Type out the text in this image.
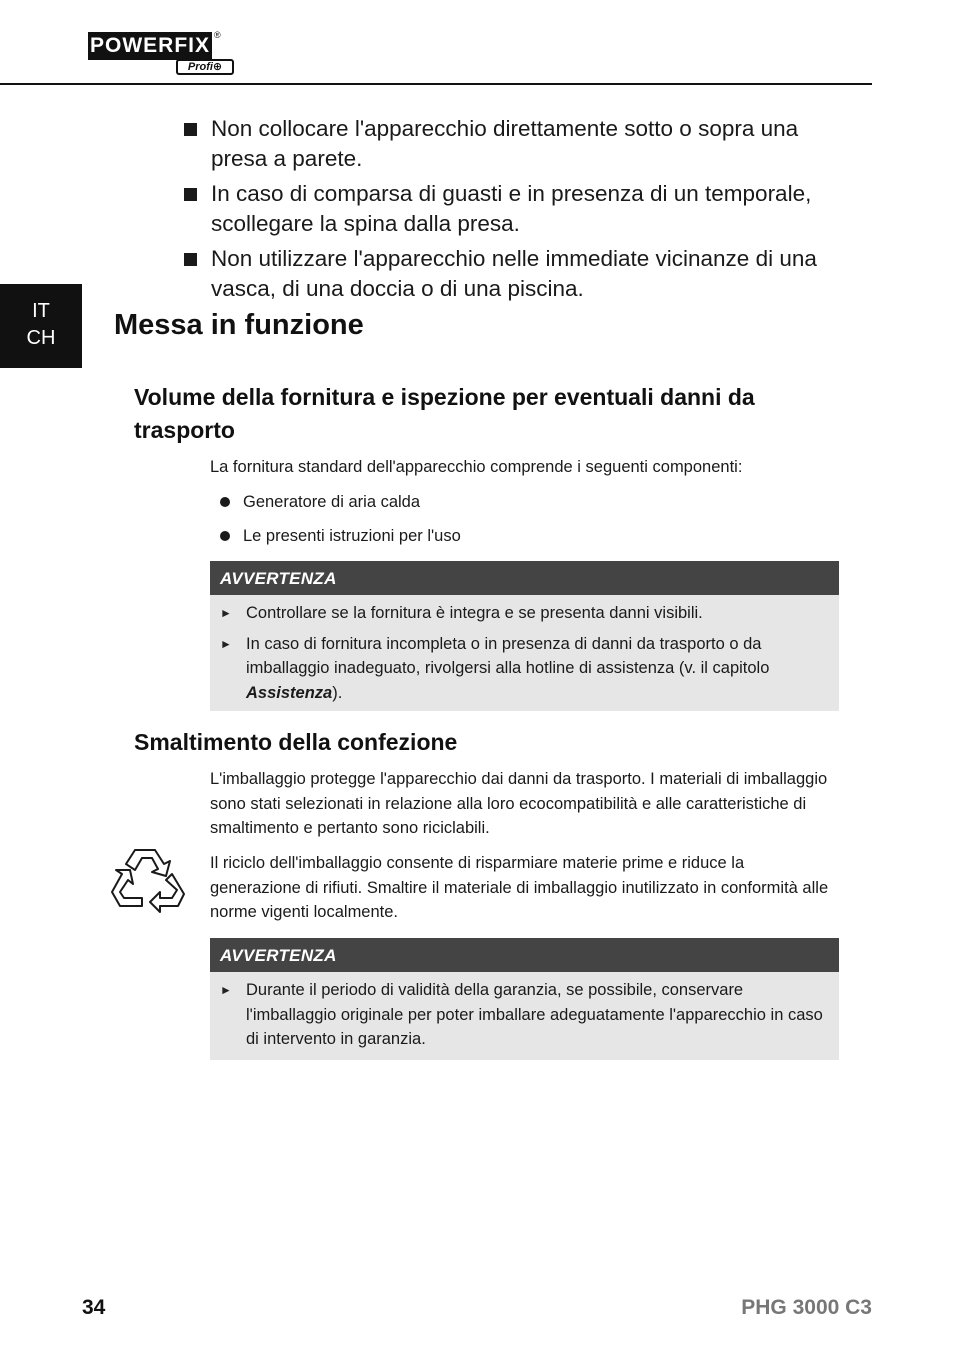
POWERFIX ®
Profi⊕
Non collocare l'apparecchio direttamente sotto o sopra una presa a parete.
In caso di comparsa di guasti e in presenza di un temporale, scollegare la spina dalla presa.
Non utilizzare l'apparecchio nelle immediate vicinanze di una vasca, di una doccia o di una piscina.
IT
CH	Messa in funzione
Volume della fornitura e ispezione per eventuali danni da trasporto

La fornitura standard dell'apparecchio comprende i seguenti componenti:

Generatore di aria calda
Le presenti istruzioni per l'uso
AVVERTENZA
► Controllare se la fornitura è integra e se presenta danni visibili.
► In caso di fornitura incompleta o in presenza di danni da trasporto o da imballaggio inadeguato, rivolgersi alla hotline di assistenza (v. il capitolo Assistenza).
Smaltimento della confezione

L'imballaggio protegge l'apparecchio dai danni da trasporto. I materiali di imballaggio sono stati selezionati in relazione alla loro ecocompatibilità e alle caratteristiche di smaltimento e pertanto sono riciclabili.

Il riciclo dell'imballaggio consente di risparmiare materie prime e riduce la generazione di rifiuti. Smaltire il materiale di imballaggio inutilizzato in conformità alle norme vigenti localmente.

AVVERTENZA
► Durante il periodo di validità della garanzia, se possibile, conservare l'imballaggio originale per poter imballare adeguatamente l'apparecchio in caso di intervento in garanzia.
34	PHG 3000 C3
